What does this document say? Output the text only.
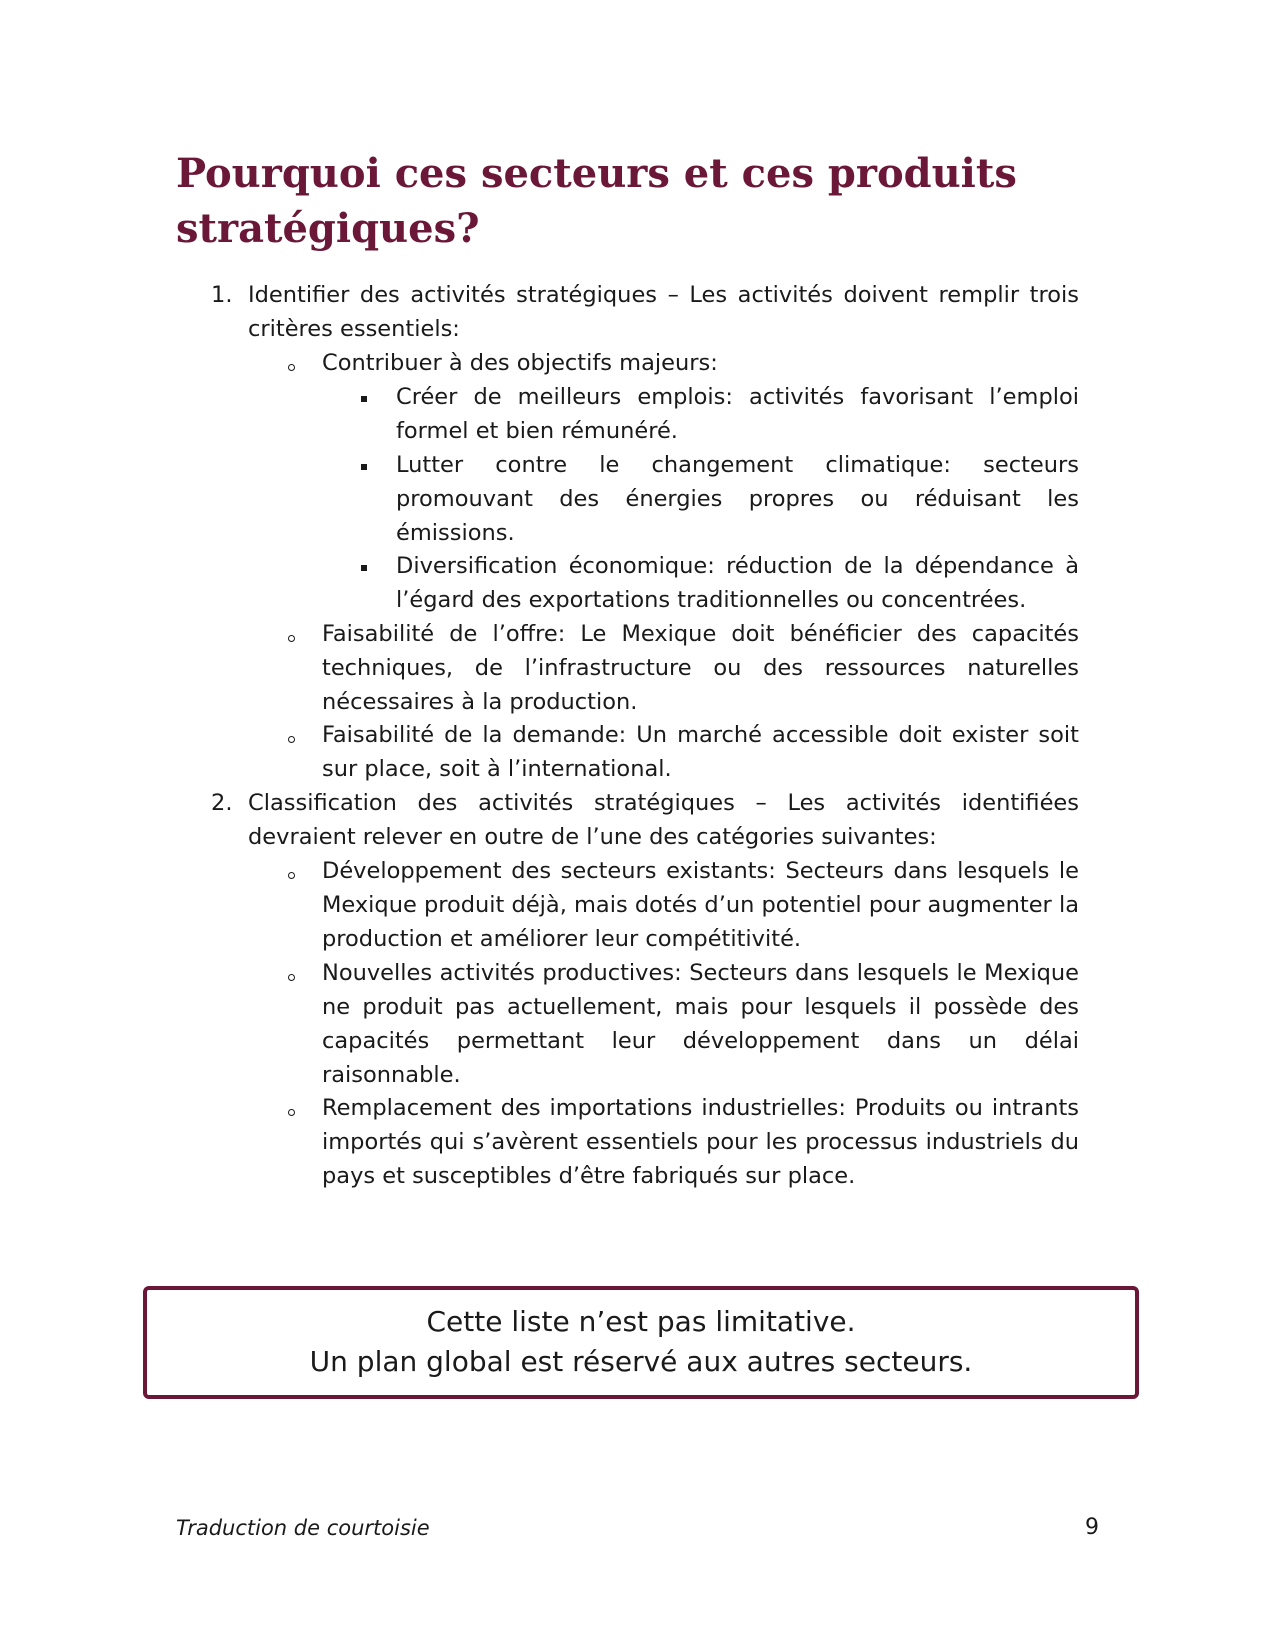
Pourquoi ces secteurs et ces produits stratégiques?
1. Identifier des activités stratégiques – Les activités doivent remplir trois critères essentiels:
Contribuer à des objectifs majeurs:
Créer de meilleurs emplois: activités favorisant l’emploi formel et bien rémunéré.
Lutter contre le changement climatique: secteurs promouvant des énergies propres ou réduisant les émissions.
Diversification économique: réduction de la dépendance à l’égard des exportations traditionnelles ou concentrées.
Faisabilité de l’offre: Le Mexique doit bénéficier des capacités techniques, de l’infrastructure ou des ressources naturelles nécessaires à la production.
Faisabilité de la demande: Un marché accessible doit exister soit sur place, soit à l’international.
2. Classification des activités stratégiques – Les activités identifiées devraient relever en outre de l’une des catégories suivantes:
Développement des secteurs existants: Secteurs dans lesquels le Mexique produit déjà, mais dotés d’un potentiel pour augmenter la production et améliorer leur compétitivité.
Nouvelles activités productives: Secteurs dans lesquels le Mexique ne produit pas actuellement, mais pour lesquels il possède des capacités permettant leur développement dans un délai raisonnable.
Remplacement des importations industrielles: Produits ou intrants importés qui s’avèrent essentiels pour les processus industriels du pays et susceptibles d’être fabriqués sur place.
Cette liste n’est pas limitative.
Un plan global est réservé aux autres secteurs.
Traduction de courtoisie	9
